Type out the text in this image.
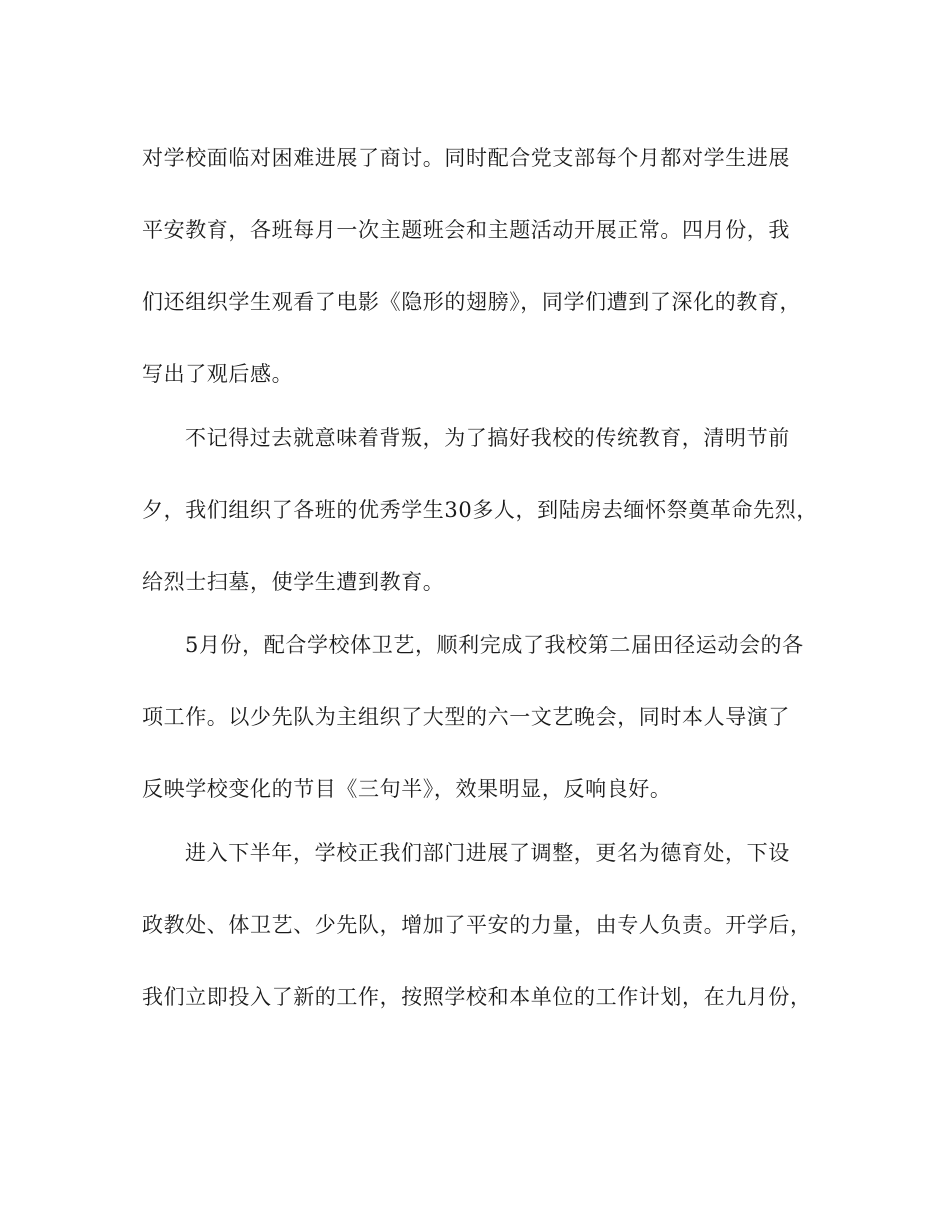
对学校面临对困难进展了商讨。同时配合党支部每个月都对学生进展
平安教育，各班每月一次主题班会和主题活动开展正常。四月份，我
们还组织学生观看了电影《隐形的翅膀》，同学们遭到了深化的教育，
写出了观后感。
不记得过去就意味着背叛，为了搞好我校的传统教育，清明节前
夕，我们组织了各班的优秀学生30多人，到陆房去缅怀祭奠革命先烈，
给烈士扫墓，使学生遭到教育。
5月份，配合学校体卫艺，顺利完成了我校第二届田径运动会的各
项工作。以少先队为主组织了大型的六一文艺晚会，同时本人导演了
反映学校变化的节目《三句半》，效果明显，反响良好。
进入下半年，学校正我们部门进展了调整，更名为德育处，下设
政教处、体卫艺、少先队，增加了平安的力量，由专人负责。开学后，
我们立即投入了新的工作，按照学校和本单位的工作计划，在九月份，
